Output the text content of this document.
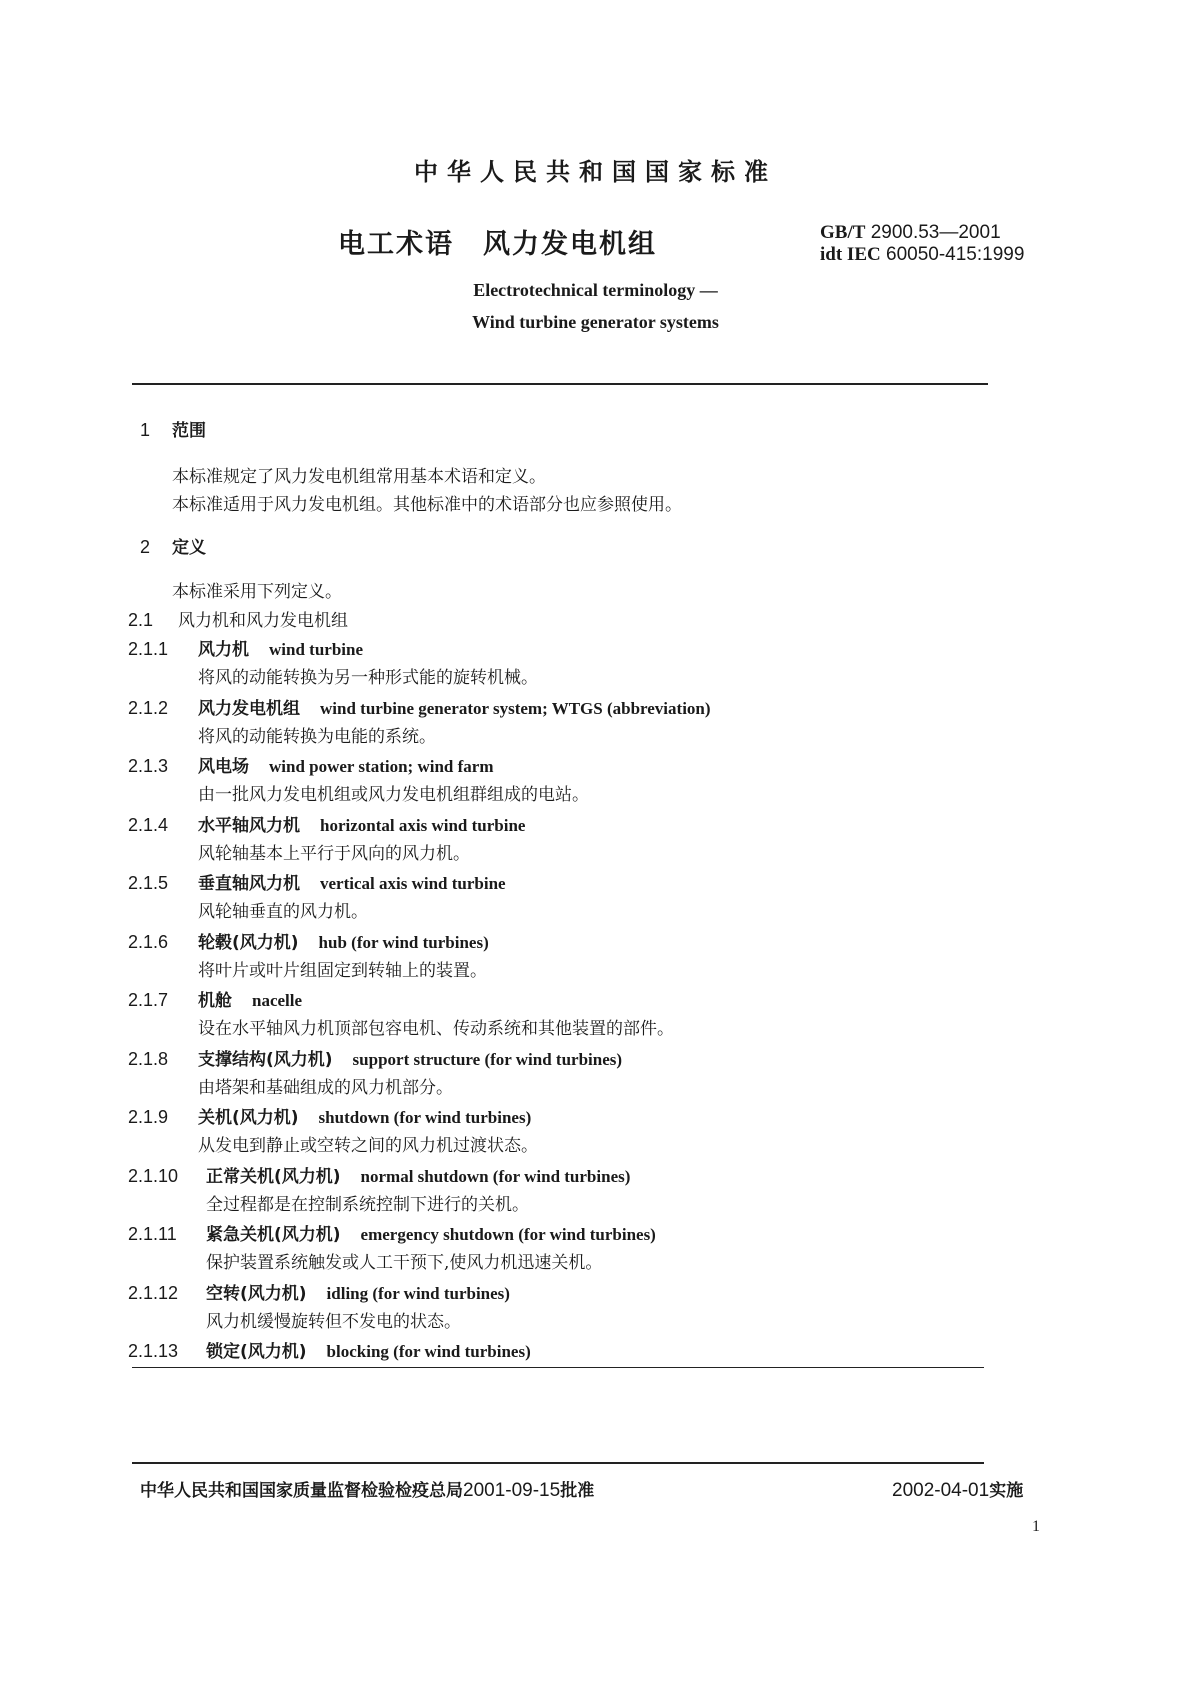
中华人民共和国国家标准
电工术语　风力发电机组	GB/T 2900.53—2001
idt IEC 60050-415:1999
Electrotechnical terminology —
Wind turbine generator systems
1 范围
本标准规定了风力发电机组常用基本术语和定义。
本标准适用于风力发电机组。其他标准中的术语部分也应参照使用。
2 定义
本标准采用下列定义。
2.1 风力机和风力发电机组
2.1.1 风力机 wind turbine
将风的动能转换为另一种形式能的旋转机械。
2.1.2 风力发电机组 wind turbine generator system; WTGS (abbreviation)
将风的动能转换为电能的系统。
2.1.3 风电场 wind power station; wind farm
由一批风力发电机组或风力发电机组群组成的电站。
2.1.4 水平轴风力机 horizontal axis wind turbine
风轮轴基本上平行于风向的风力机。
2.1.5 垂直轴风力机 vertical axis wind turbine
风轮轴垂直的风力机。
2.1.6 轮毂(风力机) hub (for wind turbines)
将叶片或叶片组固定到转轴上的装置。
2.1.7 机舱 nacelle
设在水平轴风力机顶部包容电机、传动系统和其他装置的部件。
2.1.8 支撑结构(风力机) support structure (for wind turbines)
由塔架和基础组成的风力机部分。
2.1.9 关机(风力机) shutdown (for wind turbines)
从发电到静止或空转之间的风力机过渡状态。
2.1.10 正常关机(风力机) normal shutdown (for wind turbines)
全过程都是在控制系统控制下进行的关机。
2.1.11 紧急关机(风力机) emergency shutdown (for wind turbines)
保护装置系统触发或人工干预下,使风力机迅速关机。
2.1.12 空转(风力机) idling (for wind turbines)
风力机缓慢旋转但不发电的状态。
2.1.13 锁定(风力机) blocking (for wind turbines)
中华人民共和国国家质量监督检验检疫总局2001-09-15批准	2002-04-01实施
1
